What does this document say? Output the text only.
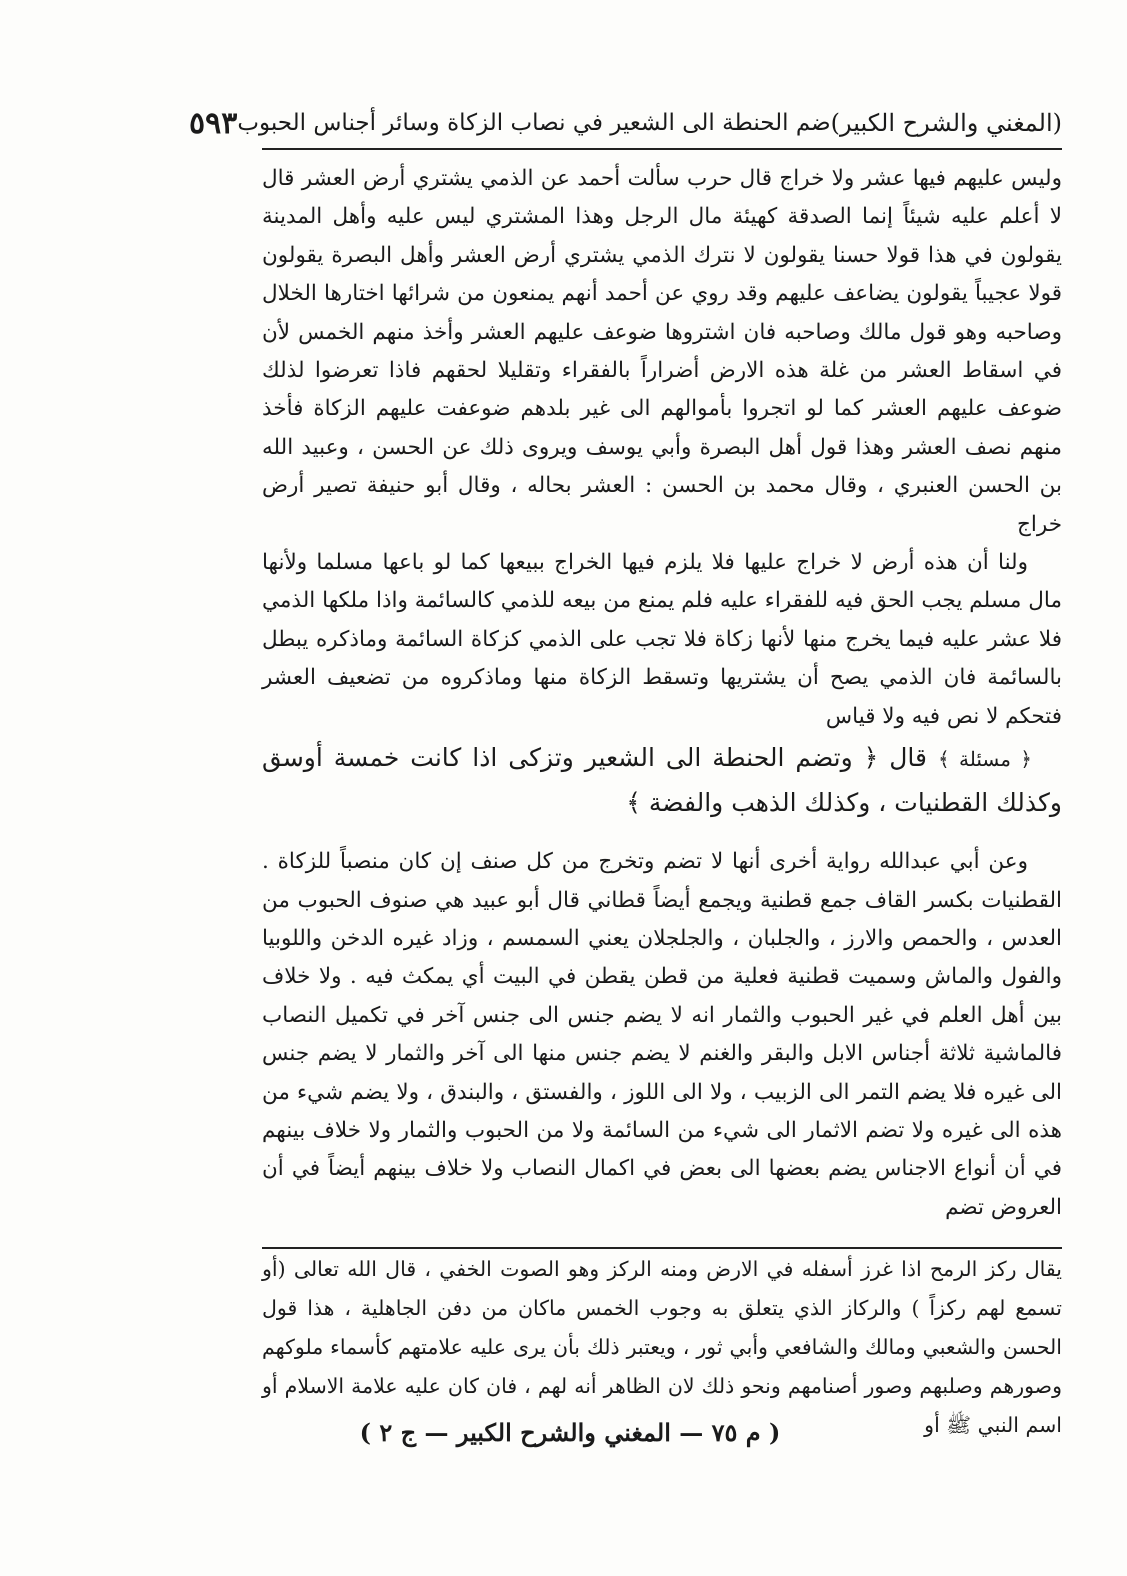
(المغني والشرح الكبير)
ضم الحنطة الى الشعير في نصاب الزكاة وسائر أجناس الحبوب
٥٩٣

وليس عليهم فيها عشر ولا خراج قال حرب سألت أحمد عن الذمي يشتري أرض العشر قال لا أعلم عليه شيئاً إنما الصدقة كهيئة مال الرجل وهذا المشتري ليس عليه وأهل المدينة يقولون في هذا قولا حسنا يقولون لا نترك الذمي يشتري أرض العشر وأهل البصرة يقولون قولا عجيباً يقولون يضاعف عليهم وقد روي عن أحمد أنهم يمنعون من شرائها اختارها الخلال وصاحبه وهو قول مالك وصاحبه فان اشتروها ضوعف عليهم العشر وأخذ منهم الخمس لأن في اسقاط العشر من غلة هذه الارض أضراراً بالفقراء وتقليلا لحقهم فاذا تعرضوا لذلك ضوعف عليهم العشر كما لو اتجروا بأموالهم الى غير بلدهم ضوعفت عليهم الزكاة فأخذ منهم نصف العشر وهذا قول أهل البصرة وأبي يوسف ويروى ذلك عن الحسن ، وعبيد الله بن الحسن العنبري ، وقال محمد بن الحسن : العشر بحاله ، وقال أبو حنيفة تصير أرض خراج

ولنا أن هذه أرض لا خراج عليها فلا يلزم فيها الخراج ببيعها كما لو باعها مسلما ولأنها مال مسلم يجب الحق فيه للفقراء عليه فلم يمنع من بيعه للذمي كالسائمة واذا ملكها الذمي فلا عشر عليه فيما يخرج منها لأنها زكاة فلا تجب على الذمي كزكاة السائمة وماذكره يبطل بالسائمة فان الذمي يصح أن يشتريها وتسقط الزكاة منها وماذكروه من تضعيف العشر فتحكم لا نص فيه ولا قياس

﴿ مسئلة ﴾ قال ﴿ وتضم الحنطة الى الشعير وتزكى اذا كانت خمسة أوسق وكذلك القطنيات ، وكذلك الذهب والفضة ﴾

وعن أبي عبدالله رواية أخرى أنها لا تضم وتخرج من كل صنف إن كان منصباً للزكاة . القطنيات بكسر القاف جمع قطنية ويجمع أيضاً قطاني قال أبو عبيد هي صنوف الحبوب من العدس ، والحمص والارز ، والجلبان ، والجلجلان يعني السمسم ، وزاد غيره الدخن واللوبيا والفول والماش وسميت قطنية فعلية من قطن يقطن في البيت أي يمكث فيه . ولا خلاف بين أهل العلم في غير الحبوب والثمار انه لا يضم جنس الى جنس آخر في تكميل النصاب فالماشية ثلاثة أجناس الابل والبقر والغنم لا يضم جنس منها الى آخر والثمار لا يضم جنس الى غيره فلا يضم التمر الى الزبيب ، ولا الى اللوز ، والفستق ، والبندق ، ولا يضم شيء من هذه الى غيره ولا تضم الاثمار الى شيء من السائمة ولا من الحبوب والثمار ولا خلاف بينهم في أن أنواع الاجناس يضم بعضها الى بعض في اكمال النصاب ولا خلاف بينهم أيضاً في أن العروض تضم

يقال ركز الرمح اذا غرز أسفله في الارض ومنه الركز وهو الصوت الخفي ، قال الله تعالى (أو تسمع لهم ركزاً ) والركاز الذي يتعلق به وجوب الخمس ماكان من دفن الجاهلية ، هذا قول الحسن والشعبي ومالك والشافعي وأبي ثور ، ويعتبر ذلك بأن يرى عليه علامتهم كأسماء ملوكهم وصورهم وصلبهم وصور أصنامهم ونحو ذلك لان الظاهر أنه لهم ، فان كان عليه علامة الاسلام أو اسم النبي ﷺ أو

( م ٧٥ — المغني والشرح الكبير — ج ٢ )
